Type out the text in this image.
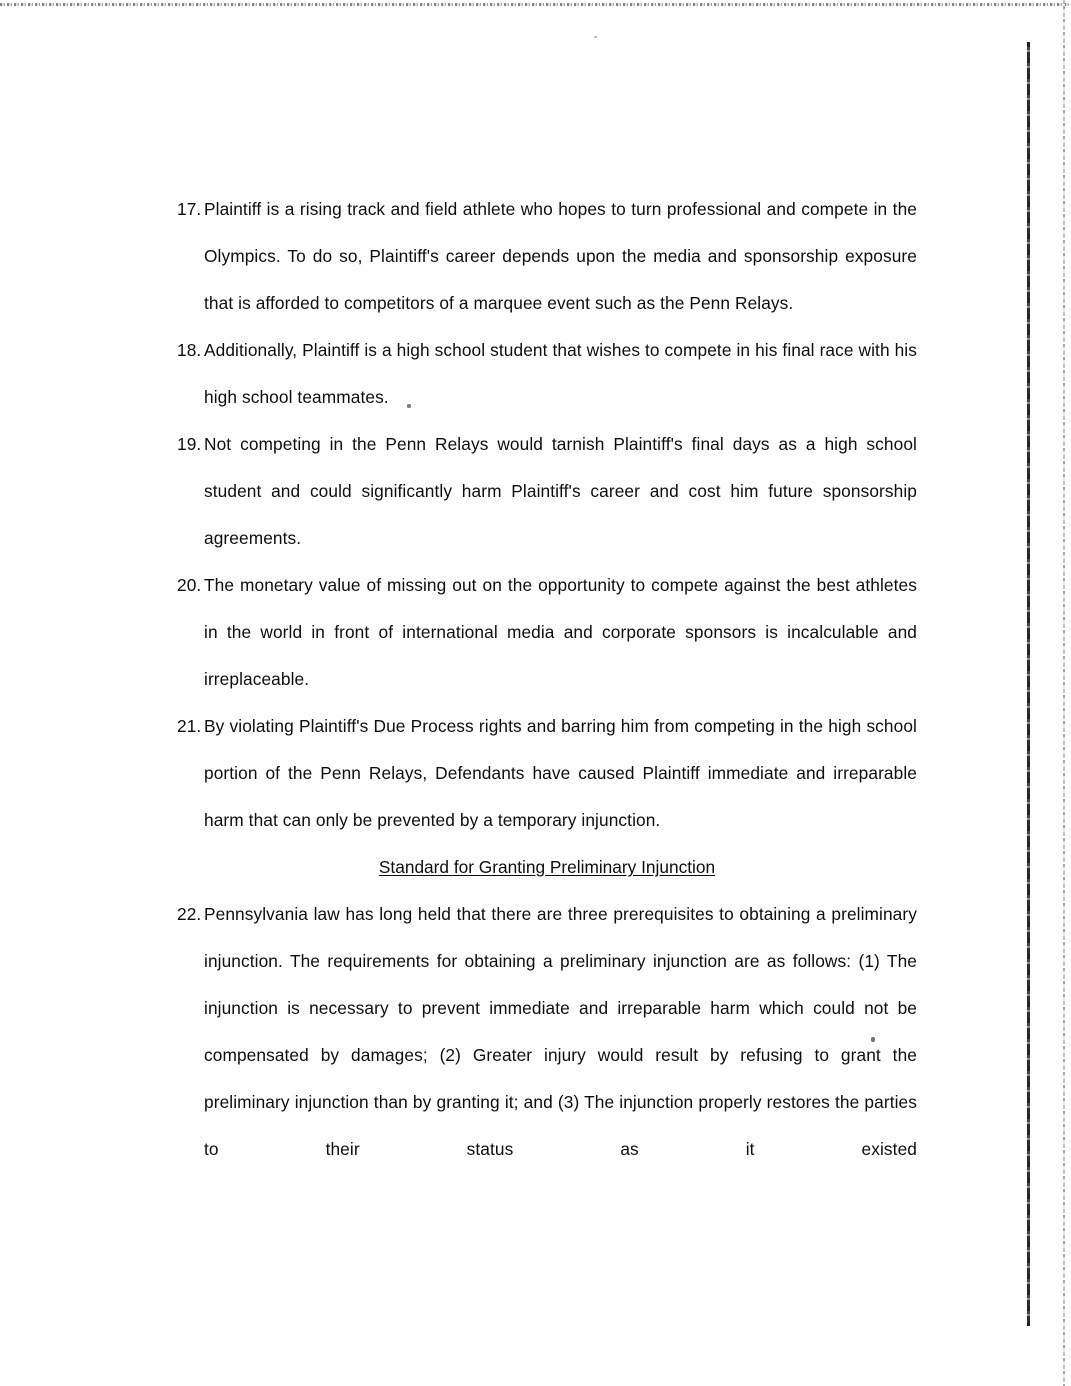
17. Plaintiff is a rising track and field athlete who hopes to turn professional and compete in the Olympics. To do so, Plaintiff's career depends upon the media and sponsorship exposure that is afforded to competitors of a marquee event such as the Penn Relays.

18. Additionally, Plaintiff is a high school student that wishes to compete in his final race with his high school teammates.

19. Not competing in the Penn Relays would tarnish Plaintiff's final days as a high school student and could significantly harm Plaintiff's career and cost him future sponsorship agreements.

20. The monetary value of missing out on the opportunity to compete against the best athletes in the world in front of international media and corporate sponsors is incalculable and irreplaceable.

21. By violating Plaintiff's Due Process rights and barring him from competing in the high school portion of the Penn Relays, Defendants have caused Plaintiff immediate and irreparable harm that can only be prevented by a temporary injunction.

Standard for Granting Preliminary Injunction

22. Pennsylvania law has long held that there are three prerequisites to obtaining a preliminary injunction. The requirements for obtaining a preliminary injunction are as follows: (1) The injunction is necessary to prevent immediate and irreparable harm which could not be compensated by damages; (2) Greater injury would result by refusing to grant the preliminary injunction than by granting it; and (3) The injunction properly restores the parties to their status as it existed
